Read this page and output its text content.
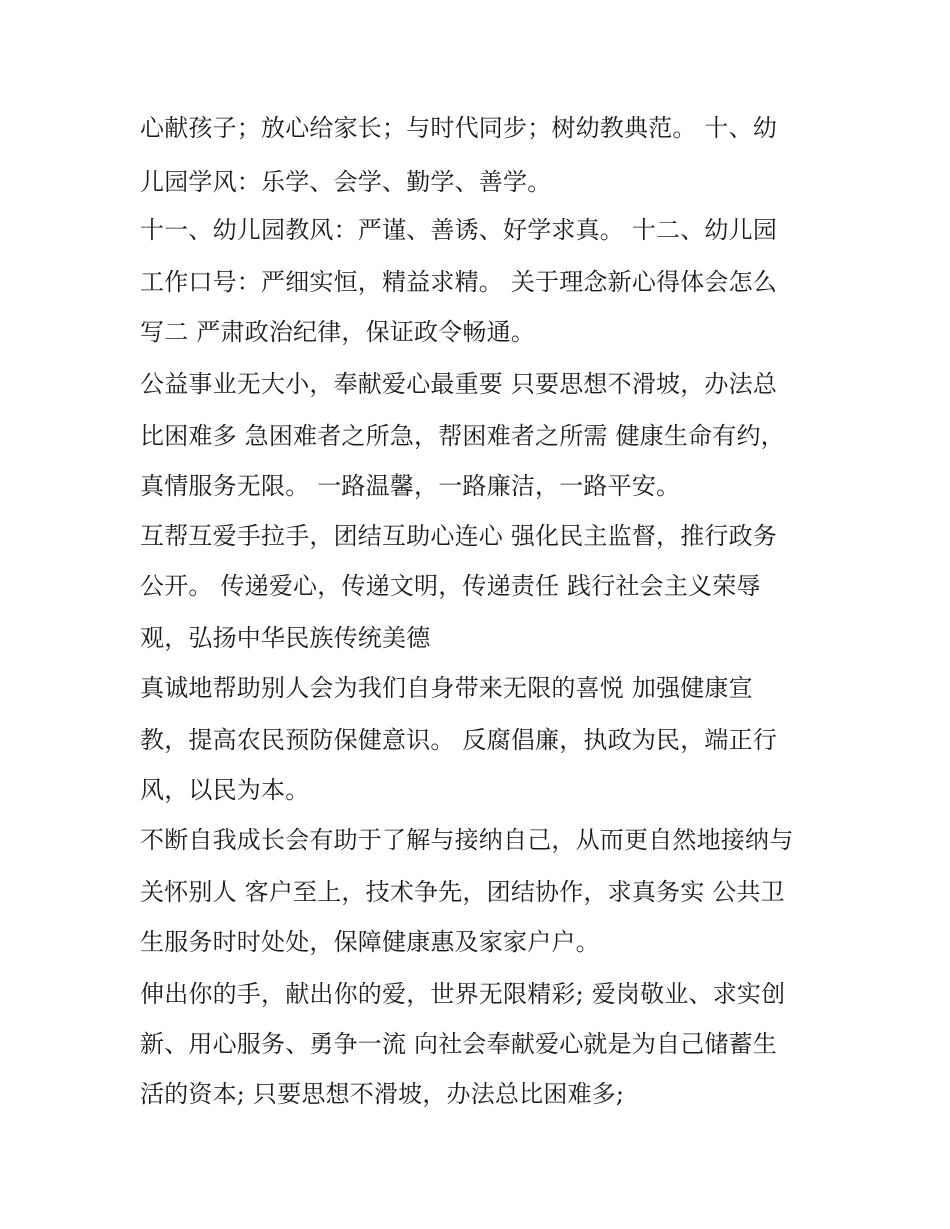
心献孩子；放心给家长；与时代同步；树幼教典范。 十、幼

儿园学风：乐学、会学、勤学、善学。

十一、幼儿园教风：严谨、善诱、好学求真。 十二、幼儿园

工作口号：严细实恒，精益求精。 关于理念新心得体会怎么

写二 严肃政治纪律，保证政令畅通。

公益事业无大小，奉献爱心最重要 只要思想不滑坡，办法总

比困难多 急困难者之所急，帮困难者之所需 健康生命有约，

真情服务无限。 一路温馨，一路廉洁，一路平安。

互帮互爱手拉手，团结互助心连心 强化民主监督，推行政务

公开。 传递爱心，传递文明，传递责任 践行社会主义荣辱

观，弘扬中华民族传统美德

真诚地帮助别人会为我们自身带来无限的喜悦 加强健康宣

教，提高农民预防保健意识。 反腐倡廉，执政为民，端正行

风，以民为本。

不断自我成长会有助于了解与接纳自己，从而更自然地接纳与

关怀别人 客户至上，技术争先，团结协作，求真务实 公共卫

生服务时时处处，保障健康惠及家家户户。

伸出你的手，献出你的爱，世界无限精彩; 爱岗敬业、求实创

新、用心服务、勇争一流 向社会奉献爱心就是为自己储蓄生

活的资本; 只要思想不滑坡，办法总比困难多;
